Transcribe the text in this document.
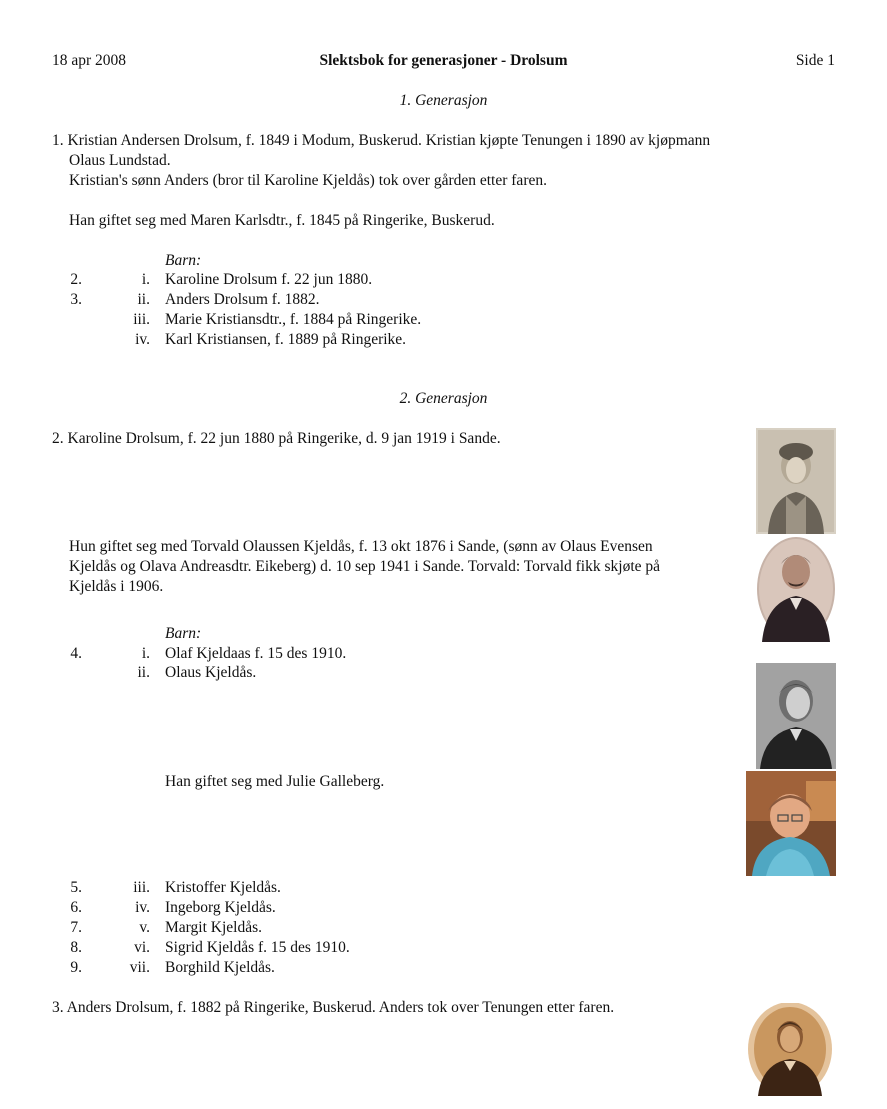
18 apr 2008	Slektsbok for generasjoner - Drolsum	Side 1
1. Generasjon
1. Kristian Andersen Drolsum, f. 1849 i Modum, Buskerud. Kristian kjøpte Tenungen i 1890 av kjøpmann
Olaus Lundstad.
Kristian's sønn Anders (bror til Karoline Kjeldås) tok over gården etter faren.
Han giftet seg med Maren Karlsdtr., f. 1845 på Ringerike, Buskerud.
Barn:
2.	i. Karoline Drolsum f. 22 jun 1880.
3.	ii. Anders Drolsum f. 1882.
iii. Marie Kristiansdtr., f. 1884 på Ringerike.
iv. Karl Kristiansen, f. 1889 på Ringerike.
2. Generasjon
2. Karoline Drolsum, f. 22 jun 1880 på Ringerike, d. 9 jan 1919 i Sande.
Hun giftet seg med Torvald Olaussen Kjeldås, f. 13 okt 1876 i Sande, (sønn av Olaus Evensen
Kjeldås og Olava Andreasdtr. Eikeberg) d. 10 sep 1941 i Sande. Torvald: Torvald fikk skjøte på
Kjeldås i 1906.
Barn:
4.	i. Olaf Kjeldaas f. 15 des 1910.
ii. Olaus Kjeldås.
Han giftet seg med Julie Galleberg.
5.	iii. Kristoffer Kjeldås.
6.	iv. Ingeborg Kjeldås.
7.	v. Margit Kjeldås.
8.	vi. Sigrid Kjeldås f. 15 des 1910.
9.	vii. Borghild Kjeldås.
3. Anders Drolsum, f. 1882 på Ringerike, Buskerud. Anders tok over Tenungen etter faren.
